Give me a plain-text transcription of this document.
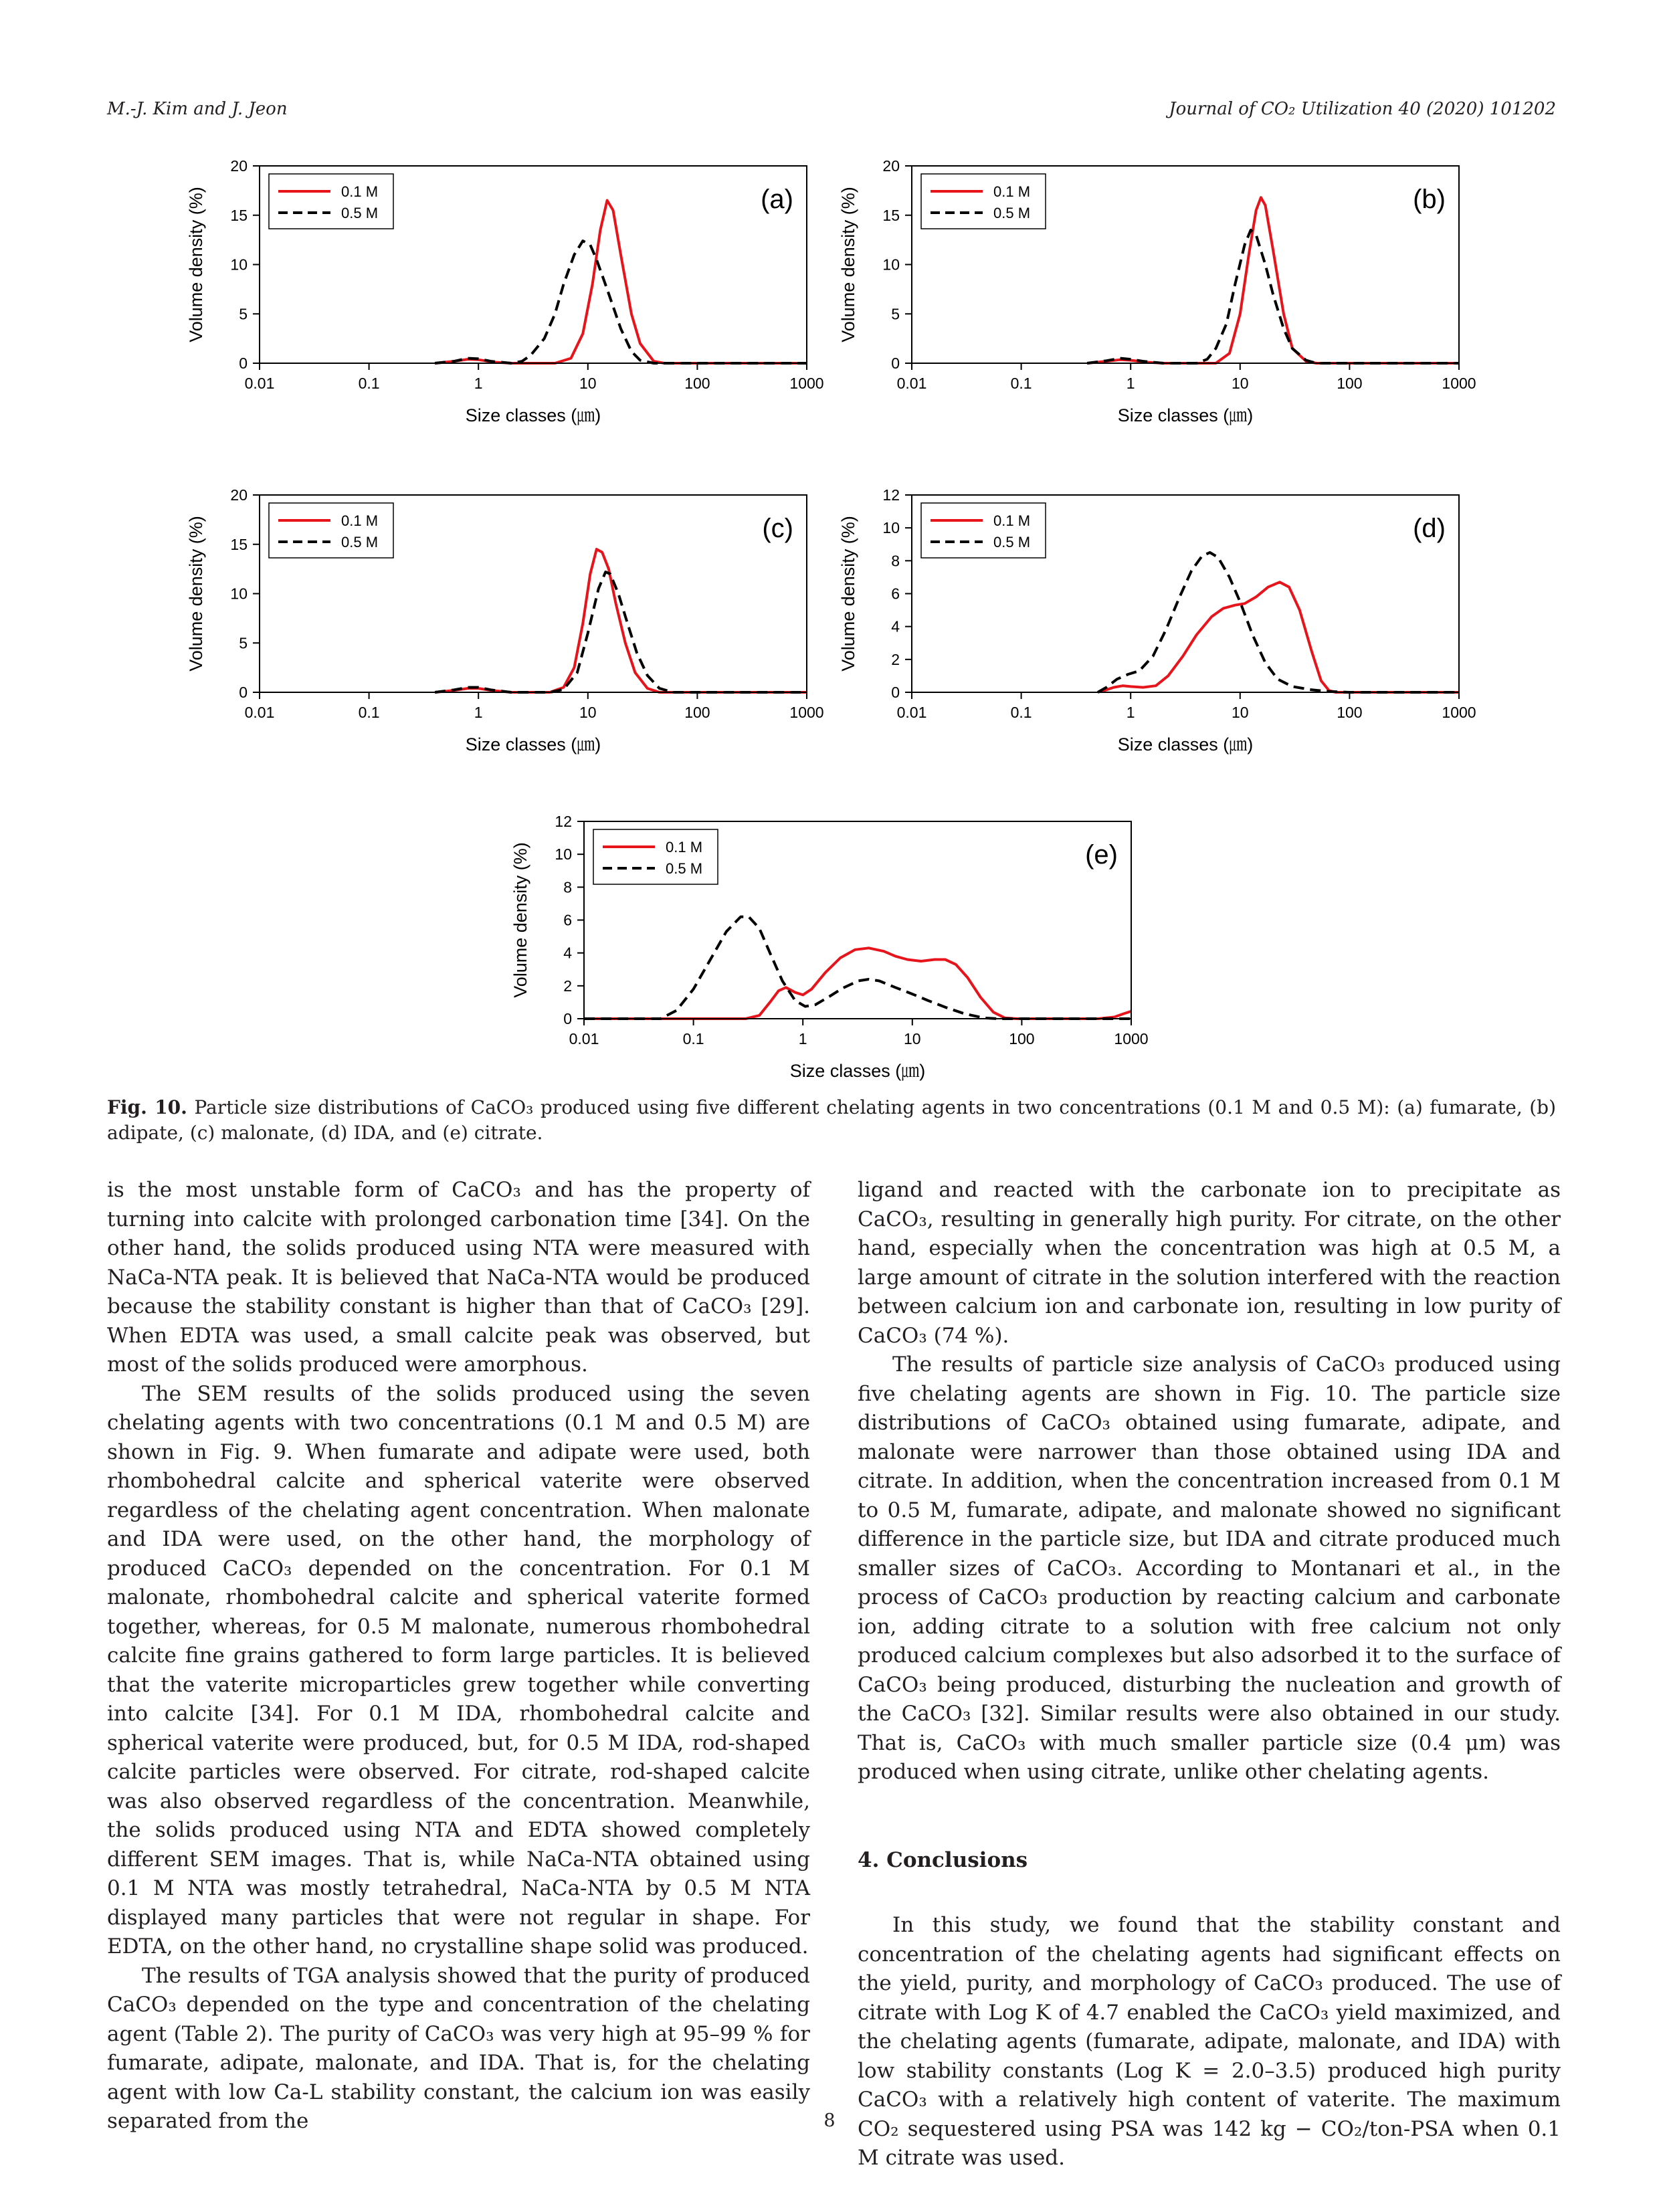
M.-J. Kim and J. Jeon	Journal of CO₂ Utilization 40 (2020) 101202
0.01	0.1	1	10	100	1000
0
5
10
15
20
Size classes (㎛)
Volume density (%)	(a)
0.1 M
0.5 M
0.01	0.1	1	10	100	1000
0
5
10
15
20
Size classes (㎛)
Volume density (%)	(b)
0.1 M
0.5 M
0.01	0.1	1	10	100	1000
0
5
10
15
20
Size classes (㎛)
Volume density (%)	(c)
0.1 M
0.5 M
0.01	0.1	1	10	100	1000
0
2
4
6
8
10
12
Size classes (㎛)
Volume density (%)	(d)
0.1 M
0.5 M
0.01	0.1	1	10	100	1000
0
2
4
6
8
10
12
Size classes (㎛)
Volume density (%)	(e)
0.1 M
0.5 M
Fig. 10. Particle size distributions of CaCO₃ produced using five different chelating agents in two concentrations (0.1 M and 0.5 M): (a) fumarate, (b) adipate, (c) malonate, (d) IDA, and (e) citrate.

is the most unstable form of CaCO₃ and has the property of turning into calcite with prolonged carbonation time [34]. On the other hand, the solids produced using NTA were measured with NaCa-NTA peak. It is believed that NaCa-NTA would be produced because the stability constant is higher than that of CaCO₃ [29]. When EDTA was used, a small calcite peak was observed, but most of the solids produced were amorphous.

The SEM results of the solids produced using the seven chelating agents with two concentrations (0.1 M and 0.5 M) are shown in Fig. 9. When fumarate and adipate were used, both rhombohedral calcite and spherical vaterite were observed regardless of the chelating agent concentration. When malonate and IDA were used, on the other hand, the morphology of produced CaCO₃ depended on the concentration. For 0.1 M malonate, rhombohedral calcite and spherical vaterite formed together, whereas, for 0.5 M malonate, numerous rhombohedral calcite fine grains gathered to form large particles. It is believed that the vaterite microparticles grew together while converting into calcite [34]. For 0.1 M IDA, rhombohedral calcite and spherical vaterite were produced, but, for 0.5 M IDA, rod-shaped calcite particles were observed. For citrate, rod-shaped calcite was also observed regardless of the concentration. Meanwhile, the solids produced using NTA and EDTA showed completely different SEM images. That is, while NaCa-NTA obtained using 0.1 M NTA was mostly tetrahedral, NaCa-NTA by 0.5 M NTA displayed many particles that were not regular in shape. For EDTA, on the other hand, no crystalline shape solid was produced.

The results of TGA analysis showed that the purity of produced CaCO₃ depended on the type and concentration of the chelating agent (Table 2). The purity of CaCO₃ was very high at 95–99 % for fumarate, adipate, malonate, and IDA. That is, for the chelating agent with low Ca-L stability constant, the calcium ion was easily separated from the

ligand and reacted with the carbonate ion to precipitate as CaCO₃, resulting in generally high purity. For citrate, on the other hand, especially when the concentration was high at 0.5 M, a large amount of citrate in the solution interfered with the reaction between calcium ion and carbonate ion, resulting in low purity of CaCO₃ (74 %).

The results of particle size analysis of CaCO₃ produced using five chelating agents are shown in Fig. 10. The particle size distributions of CaCO₃ obtained using fumarate, adipate, and malonate were narrower than those obtained using IDA and citrate. In addition, when the concentration increased from 0.1 M to 0.5 M, fumarate, adipate, and malonate showed no significant difference in the particle size, but IDA and citrate produced much smaller sizes of CaCO₃. According to Montanari et al., in the process of CaCO₃ production by reacting calcium and carbonate ion, adding citrate to a solution with free calcium not only produced calcium complexes but also adsorbed it to the surface of CaCO₃ being produced, disturbing the nucleation and growth of the CaCO₃ [32]. Similar results were also obtained in our study. That is, CaCO₃ with much smaller particle size (0.4 μm) was produced when using citrate, unlike other chelating agents.

4. Conclusions

In this study, we found that the stability constant and concentration of the chelating agents had significant effects on the yield, purity, and morphology of CaCO₃ produced. The use of citrate with Log K of 4.7 enabled the CaCO₃ yield maximized, and the chelating agents (fumarate, adipate, malonate, and IDA) with low stability constants (Log K = 2.0–3.5) produced high purity CaCO₃ with a relatively high content of vaterite. The maximum CO₂ sequestered using PSA was 142 kg − CO₂/ton-PSA when 0.1 M citrate was used.

8
